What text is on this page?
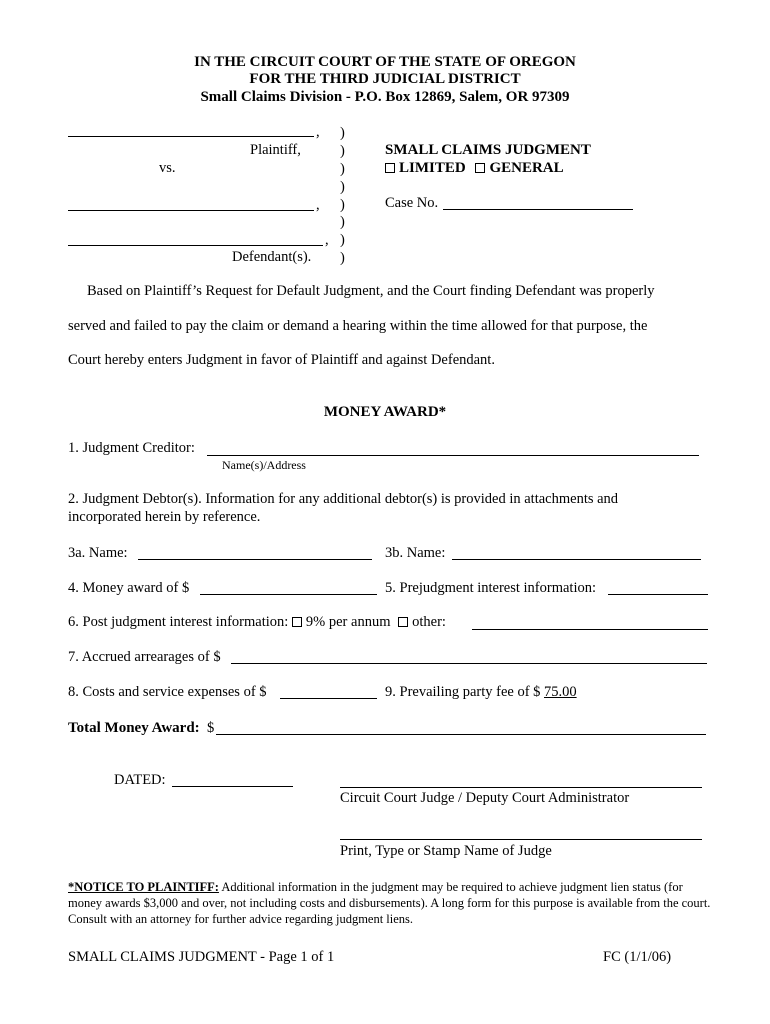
IN THE CIRCUIT COURT OF THE STATE OF OREGON
FOR THE THIRD JUDICIAL DISTRICT
Small Claims Division - P.O. Box 12869, Salem, OR 97309
,
Plaintiff,
vs.
,
,
Defendant(s).
)
)
)
)
)
)
)
)
SMALL CLAIMS JUDGMENT
LIMITED GENERAL
Case No.
Based on Plaintiff’s Request for Default Judgment, and the Court finding Defendant was properly
served and failed to pay the claim or demand a hearing within the time allowed for that purpose, the
Court hereby enters Judgment in favor of Plaintiff and against Defendant.
MONEY AWARD*
1. Judgment Creditor:
Name(s)/Address
2. Judgment Debtor(s). Information for any additional debtor(s) is provided in attachments and
incorporated herein by reference.
3a. Name:	3b. Name:
4. Money award of $	5. Prejudgment interest information:
6. Post judgment interest information: 9% per annum other:
7. Accrued arrearages of $
8. Costs and service expenses of $	9. Prevailing party fee of $ 75.00
Total Money Award: $
DATED:
Circuit Court Judge / Deputy Court Administrator
Print, Type or Stamp Name of Judge
*NOTICE TO PLAINTIFF: Additional information in the judgment may be required to achieve judgment lien status (for money awards $3,000 and over, not including costs and disbursements). A long form for this purpose is available from the court. Consult with an attorney for further advice regarding judgment liens.
SMALL CLAIMS JUDGMENT - Page 1 of 1	FC (1/1/06)
